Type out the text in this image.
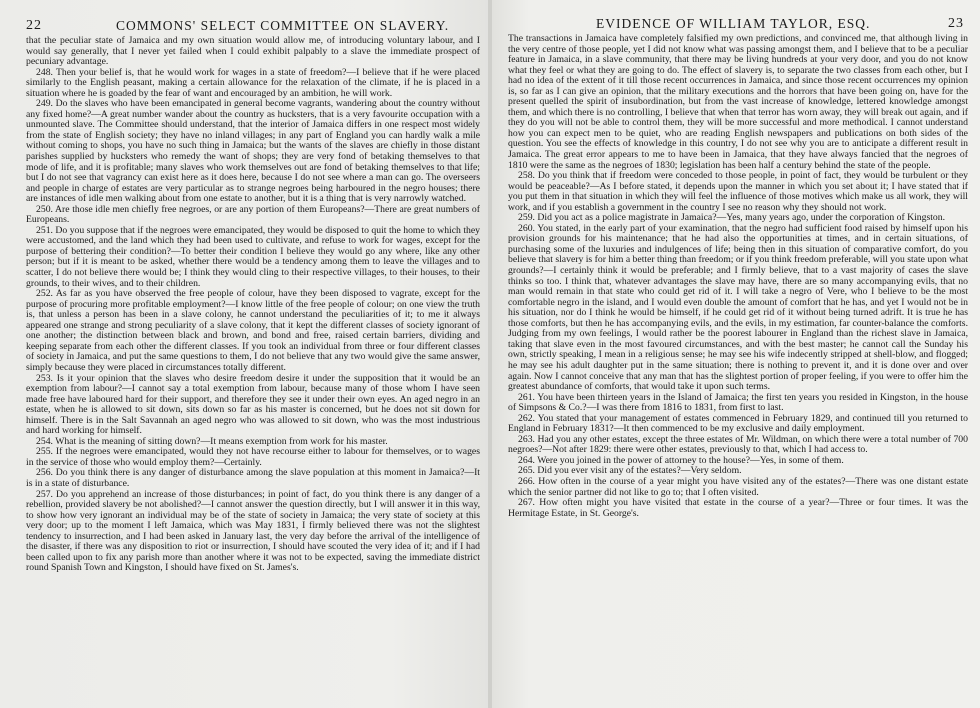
22	COMMONS' SELECT COMMITTEE ON SLAVERY.

that the peculiar state of Jamaica and my own situation would allow me, of introducing voluntary labour, and I would say generally, that I never yet failed when I could exhibit palpably to a slave the immediate prospect of pecuniary advantage.

248. Then your belief is, that he would work for wages in a state of freedom?—I believe that if he were placed similarly to the English peasant, making a certain allowance for the relaxation of the climate, if he is placed in a situation where he is goaded by the fear of want and encouraged by an ambition, he will work.

249. Do the slaves who have been emancipated in general become vagrants, wandering about the country without any fixed home?—A great number wander about the country as hucksters, that is a very favourite occupation with a unmounted slave. The Committee should understand, that the interior of Jamaica differs in one respect most widely from the state of English society; they have no inland villages; in any part of England you can hardly walk a mile without coming to shops, you have no such thing in Jamaica; but the wants of the slaves are chiefly in those distant parishes supplied by hucksters who remedy the want of shops; they are very fond of betaking themselves to that mode of life, and it is profitable; many slaves who work themselves out are fond of betaking themselves to that life; but I do not see that vagrancy can exist here as it does here, because I do not see where a man can go. The overseers and people in charge of estates are very particular as to strange negroes being harboured in the negro houses; there are instances of idle men walking about from one estate to another, but it is a thing that is very narrowly watched.

250. Are those idle men chiefly free negroes, or are any portion of them Europeans?—There are great numbers of Europeans.

251. Do you suppose that if the negroes were emancipated, they would be disposed to quit the home to which they were accustomed, and the land which they had been used to cultivate, and refuse to work for wages, except for the purpose of bettering their condition?—To better their condition I believe they would go any where, like any other person; but if it is meant to be asked, whether there would be a tendency among them to leave the villages and to scatter, I do not believe there would be; I think they would cling to their respective villages, to their houses, to their grounds, to their wives, and to their children.

252. As far as you have observed the free people of colour, have they been disposed to vagrate, except for the purpose of procuring more profitable employment?—I know little of the free people of colour; on one view the truth is, that unless a person has been in a slave colony, he cannot understand the peculiarities of it; to me it always appeared one strange and strong peculiarity of a slave colony, that it kept the different classes of society ignorant of one another; the distinction between black and brown, and bond and free, raised certain barriers, dividing and keeping separate from each other the different classes. If you took an individual from three or four different classes of society in Jamaica, and put the same questions to them, I do not believe that any two would give the same answer, simply because they were placed in circumstances totally different.

253. Is it your opinion that the slaves who desire freedom desire it under the supposition that it would be an exemption from labour?—I cannot say a total exemption from labour, because many of those whom I have seen made free have laboured hard for their support, and therefore they see it under their own eyes. An aged negro in an estate, when he is allowed to sit down, sits down so far as his master is concerned, but he does not sit down for himself. There is in the Salt Savannah an aged negro who was allowed to sit down, who was the most industrious and hard working for himself.

254. What is the meaning of sitting down?—It means exemption from work for his master.

255. If the negroes were emancipated, would they not have recourse either to labour for themselves, or to wages in the service of those who would employ them?—Certainly.

256. Do you think there is any danger of disturbance among the slave population at this moment in Jamaica?—It is in a state of disturbance.

257. Do you apprehend an increase of those disturbances; in point of fact, do you think there is any danger of a rebellion, provided slavery be not abolished?—I cannot answer the question directly, but I will answer it in this way, to show how very ignorant an individual may be of the state of society in Jamaica; the very state of society at this very door; up to the moment I left Jamaica, which was May 1831, I firmly believed there was not the slightest tendency to insurrection, and I had been asked in January last, the very day before the arrival of the intelligence of the disaster, if there was any disposition to riot or insurrection, I should have scouted the very idea of it; and if I had been called upon to fix any parish more than another where it was not to be expected, saving the immediate district round Spanish Town and Kingston, I should have fixed on St. James's.

EVIDENCE OF WILLIAM TAYLOR, ESQ.	23

The transactions in Jamaica have completely falsified my own predictions, and convinced me, that although living in the very centre of those people, yet I did not know what was passing amongst them, and I believe that to be a peculiar feature in Jamaica, in a slave community, that there may be living hundreds at your very door, and you do not know what they feel or what they are going to do. The effect of slavery is, to separate the two classes from each other, but I had no idea of the extent of it till those recent occurrences in Jamaica, and since those recent occurrences my opinion is, so far as I can give an opinion, that the military executions and the horrors that have been going on, have for the present quelled the spirit of insubordination, but from the vast increase of knowledge, lettered knowledge amongst them, and which there is no controlling, I believe that when that terror has worn away, they will break out again, and if they do you will not be able to control them, they will be more successful and more methodical. I cannot understand how you can expect men to be quiet, who are reading English newspapers and publications on both sides of the question. You see the effects of knowledge in this country, I do not see why you are to anticipate a different result in Jamaica. The great error appears to me to have been in Jamaica, that they have always fancied that the negroes of 1810 were the same as the negroes of 1830; legislation has been half a century behind the state of the people.

258. Do you think that if freedom were conceded to those people, in point of fact, they would be turbulent or they would be peaceable?—As I before stated, it depends upon the manner in which you set about it; I have stated that if you put them in that situation in which they will feel the influence of those motives which make us all work, they will work, and if you establish a government in the country I see no reason why they should not work.

259. Did you act as a police magistrate in Jamaica?—Yes, many years ago, under the corporation of Kingston.

260. You stated, in the early part of your examination, that the negro had sufficient food raised by himself upon his provision grounds for his maintenance; that he had also the opportunities at times, and in certain situations, of purchasing some of the luxuries and indulgences of life; being then in this situation of comparative comfort, do you believe that slavery is for him a better thing than freedom; or if you think freedom preferable, will you state upon what grounds?—I certainly think it would be preferable; and I firmly believe, that to a vast majority of cases the slave thinks so too. I think that, whatever advantages the slave may have, there are so many accompanying evils, that no man would remain in that state who could get rid of it. I will take a negro of Vere, who I believe to be the most comfortable negro in the island, and I would even double the amount of comfort that he has, and yet I would not be in his situation, nor do I think he would be himself, if he could get rid of it without being turned adrift. It is true he has those comforts, but then he has accompanying evils, and the evils, in my estimation, far counter-balance the comforts. Judging from my own feelings, I would rather be the poorest labourer in England than the richest slave in Jamaica, taking that slave even in the most favoured circumstances, and with the best master; he cannot call the Sunday his own, strictly speaking, I mean in a religious sense; he may see his wife indecently stripped at shell-blow, and flogged; he may see his adult daughter put in the same situation; there is nothing to prevent it, and it is done over and over again. Now I cannot conceive that any man that has the slightest portion of proper feeling, if you were to offer him the greatest abundance of comforts, that would take it upon such terms.

261. You have been thirteen years in the Island of Jamaica; the first ten years you resided in Kingston, in the house of Simpsons & Co.?—I was there from 1816 to 1831, from first to last.

262. You stated that your management of estates commenced in February 1829, and continued till you returned to England in February 1831?—It then commenced to be my exclusive and daily employment.

263. Had you any other estates, except the three estates of Mr. Wildman, on which there were a total number of 700 negroes?—Not after 1829: there were other estates, previously to that, which I had access to.

264. Were you joined in the power of attorney to the house?—Yes, in some of them.

265. Did you ever visit any of the estates?—Very seldom.

266. How often in the course of a year might you have visited any of the estates?—There was one distant estate which the senior partner did not like to go to; that I often visited.

267. How often might you have visited that estate in the course of a year?—Three or four times. It was the Hermitage Estate, in St. George's.
